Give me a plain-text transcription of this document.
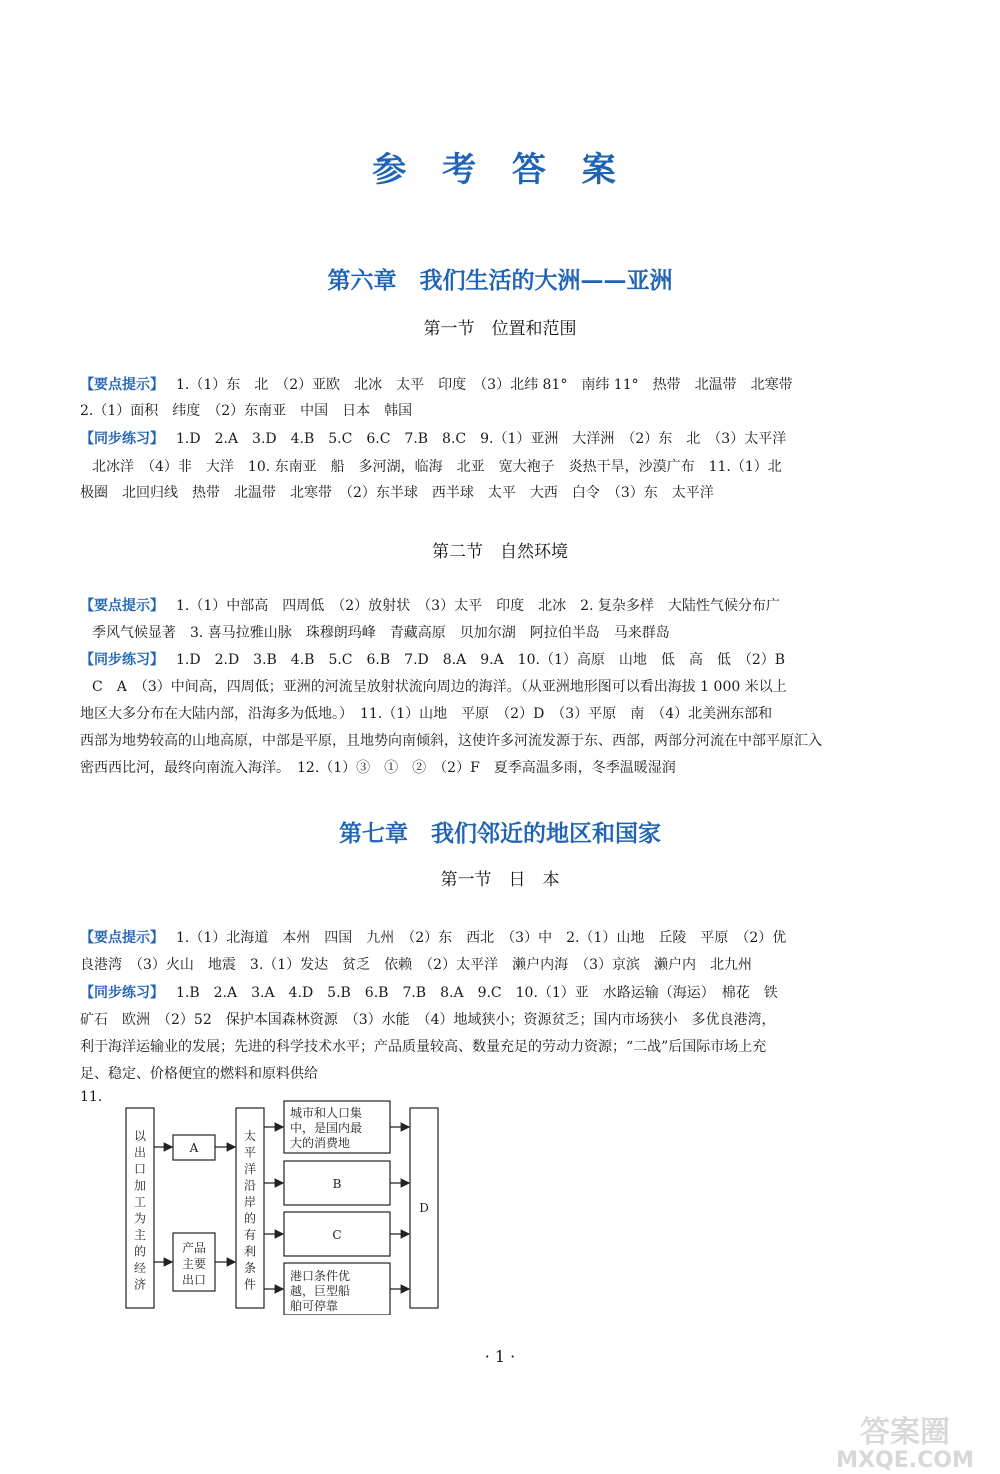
参 考 答 案
第六章　我们生活的大洲——亚洲
第一节　位置和范围
【要点提示】 1.（1）东　北　（2）亚欧　北冰　太平　印度　（3）北纬 81°　南纬 11°　热带　北温带　北寒带
2.（1）面积　纬度　（2）东南亚　中国　日本　韩国
【同步练习】 1.D　2.A　3.D　4.B　5.C　6.C　7.B　8.C　9.（1）亚洲　大洋洲　（2）东　北　（3）太平洋
北冰洋　（4）非　大洋　10. 东南亚　船　多河湖，临海　北亚　宽大袍子　炎热干旱，沙漠广布　11.（1）北
极圈　北回归线　热带　北温带　北寒带　（2）东半球　西半球　太平　大西　白令　（3）东　太平洋
第二节　自然环境
【要点提示】 1.（1）中部高　四周低　（2）放射状　（3）太平　印度　北冰　2. 复杂多样　大陆性气候分布广
季风气候显著　3. 喜马拉雅山脉　珠穆朗玛峰　青藏高原　贝加尔湖　阿拉伯半岛　马来群岛
【同步练习】 1.D　2.D　3.B　4.B　5.C　6.B　7.D　8.A　9.A　10.（1）高原　山地　低　高　低　（2）B
C　A　（3）中间高，四周低；亚洲的河流呈放射状流向周边的海洋。（从亚洲地形图可以看出海拔 1 000 米以上
地区大多分布在大陆内部，沿海多为低地。）　11.（1）山地　平原　（2）D　（3）平原　南　（4）北美洲东部和
西部为地势较高的山地高原，中部是平原，且地势向南倾斜，这使许多河流发源于东、西部，两部分河流在中部平原汇入
密西西比河，最终向南流入海洋。　12.（1）③　①　②　（2）F　夏季高温多雨，冬季温暖湿润
第七章　我们邻近的地区和国家
第一节　日　本
【要点提示】 1.（1）北海道　本州　四国　九州　（2）东　西北　（3）中　2.（1）山地　丘陵　平原　（2）优
良港湾　（3）火山　地震　3.（1）发达　贫乏　依赖　（2）太平洋　濑户内海　（3）京滨　濑户内　北九州
【同步练习】 1.B　2.A　3.A　4.D　5.B　6.B　7.B　8.A　9.C　10.（1）亚　水路运输（海运）　棉花　铁
矿石　欧洲　（2）52　保护本国森林资源　（3）水能　（4）地域狭小；资源贫乏；国内市场狭小　多优良港湾，
利于海洋运输业的发展；先进的科学技术水平；产品质量较高、数量充足的劳动力资源；“二战”后国际市场上充
足、稳定、价格便宜的燃料和原料供给
11.
以
出
口
加
工
为
主
的
经
济
太
平
洋
沿
岸
的
有
利
条
件
产品
主要
出口
城市和人口集
中，是国内最
大的消费地
港口条件优
越，巨型船
舶可停靠
A
B
C
D
· 1 ·
答案圈
MXQE.COM
